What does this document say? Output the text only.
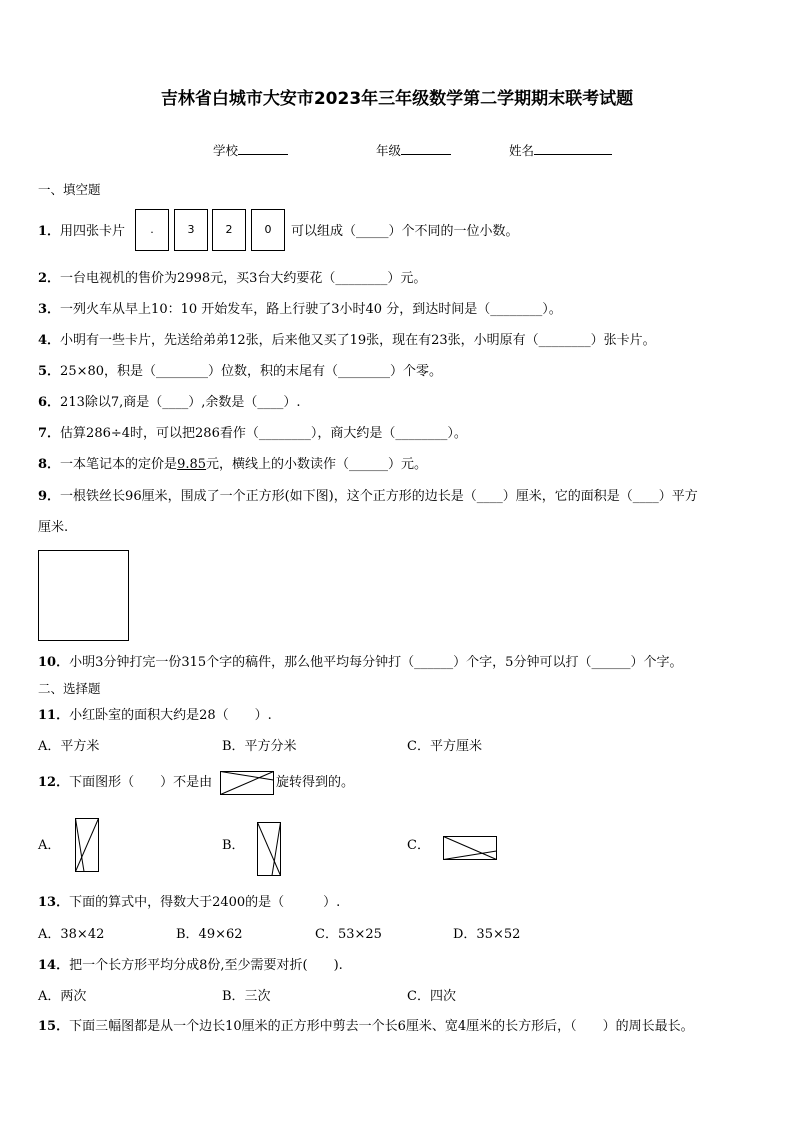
吉林省白城市大安市2023年三年级数学第二学期期末联考试题
学校	年级	姓名
一、填空题
1．用四张卡片	.	3	2	0	可以组成（_____）个不同的一位小数。
2．一台电视机的售价为2998元，买3台大约要花（________）元。
3．一列火车从早上10：10 开始发车，路上行驶了3小时40 分，到达时间是（________）。
4．小明有一些卡片，先送给弟弟12张，后来他又买了19张，现在有23张，小明原有（________）张卡片。
5．25×80，积是（________）位数，积的末尾有（________）个零。
6．213除以7,商是（____）,余数是（____）.
7．估算286÷4时，可以把286看作（________），商大约是（________）。
8．一本笔记本的定价是9.85元，横线上的小数读作（______）元。
9．一根铁丝长96厘米，围成了一个正方形(如下图)，这个正方形的边长是（____）厘米，它的面积是（____）平方
厘米.
10．小明3分钟打完一份315个字的稿件，那么他平均每分钟打（______）个字，5分钟可以打（______）个字。
二、选择题
11．小红卧室的面积大约是28（　　）.
A．平方米	B．平方分米	C．平方厘米
12．下面图形（　　）不是由	旋转得到的。
A．	B．	C．
13．下面的算式中，得数大于2400的是（　　　）.
A．38×42	B．49×62	C．53×25	D．35×52
14．把一个长方形平均分成8份,至少需要对折(　　).
A．两次	B．三次	C．四次
15．下面三幅图都是从一个边长10厘米的正方形中剪去一个长6厘米、宽4厘米的长方形后，（　　）的周长最长。
